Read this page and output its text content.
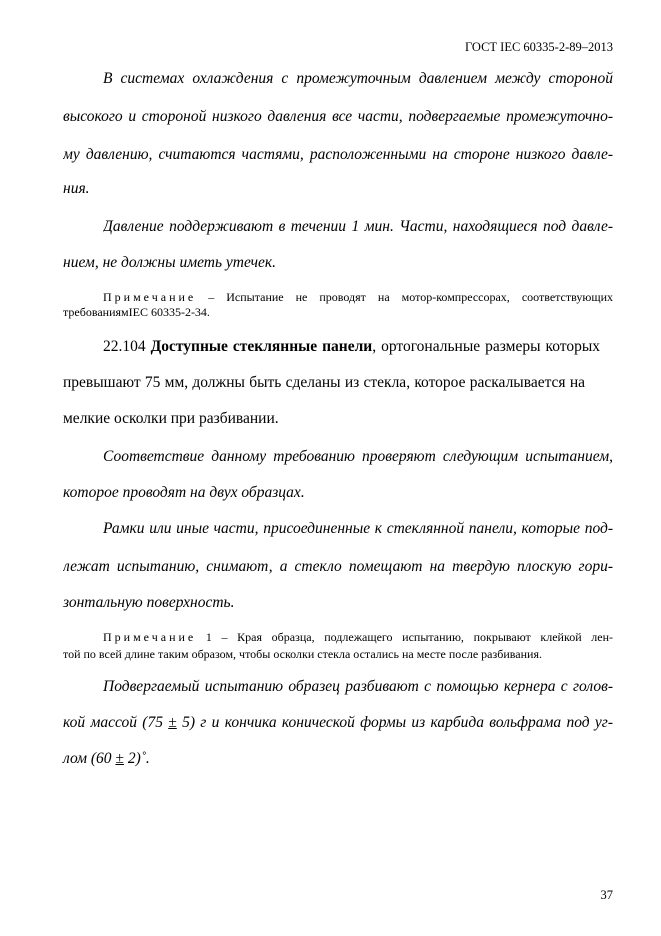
ГОСТ IEC 60335-2-89–2013
В системах охлаждения с промежуточным давлением между стороной
высокого и стороной низкого давления все части, подвергаемые промежуточно-
му давлению, считаются частями, расположенными на стороне низкого давле-
ния.
Давление поддерживают в течении 1 мин. Части, находящиеся под давле-
нием, не должны иметь утечек.
Примечание – Испытание не проводят на мотор-компрессорах, соответствующих
требованиямIEC 60335-2-34.
22.104 Доступные стеклянные панели, ортогональные размеры которых
превышают 75 мм, должны быть сделаны из стекла, которое раскалывается на
мелкие осколки при разбивании.
Соответствие данному требованию проверяют следующим испытанием,
которое проводят на двух образцах.
Рамки или иные части, присоединенные к стеклянной панели, которые под-
лежат испытанию, снимают, а стекло помещают на твердую плоскую гори-
зонтальную поверхность.
Примечание 1 – Края образца, подлежащего испытанию, покрывают клейкой лен-
той по всей длине таким образом, чтобы осколки стекла остались на месте после разбивания.
Подвергаемый испытанию образец разбивают с помощью кернера с голов-
кой массой (75 ± 5) г и кончика конической формы из карбида вольфрама под уг-
лом (60 ± 2)˚.
37
